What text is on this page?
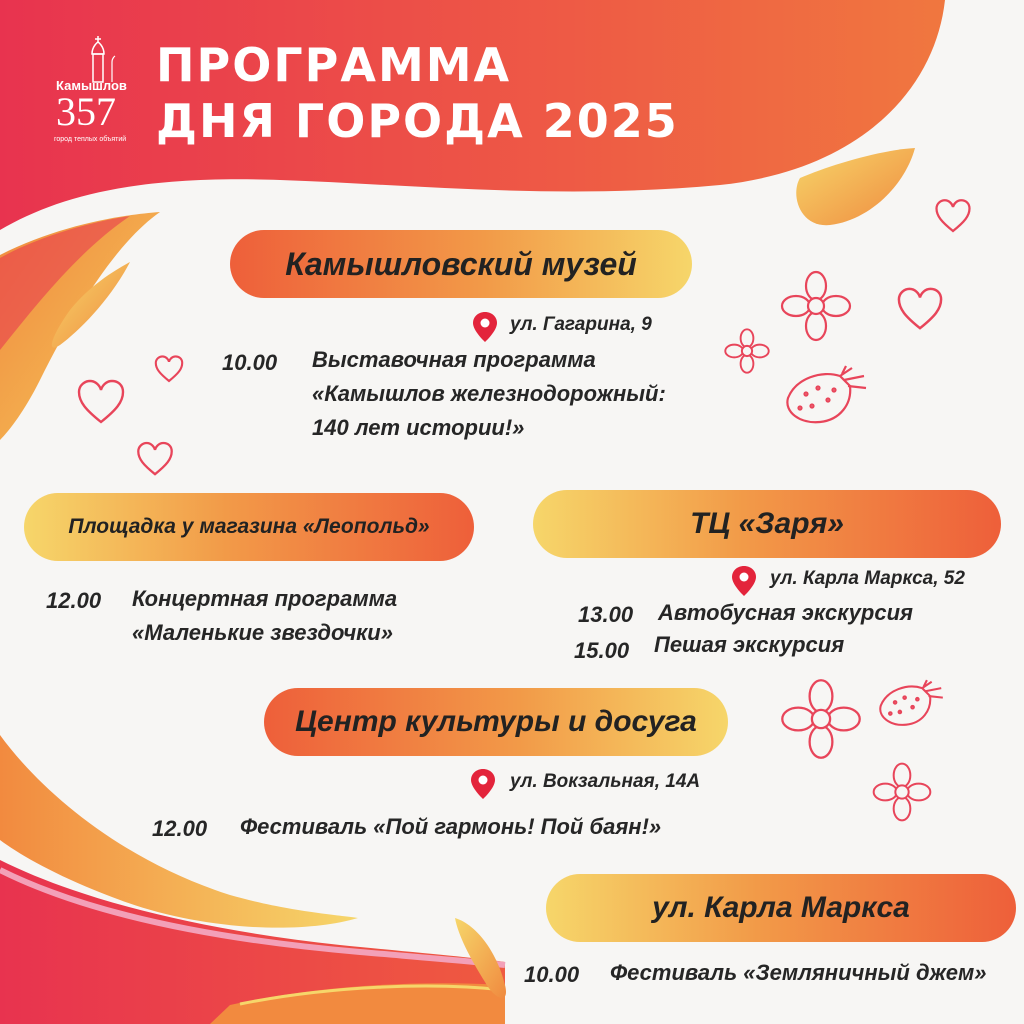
Камышлов
357
город теплых объятий
ПРОГРАММА
ДНЯ ГОРОДА 2025
Камышловский музей
ул. Гагарина, 9
10.00 Выставочная программа
«Камышлов железнодорожный:
140 лет истории!»
Площадка у магазина «Леопольд»
12.00 Концертная программа
«Маленькие звездочки»
ТЦ «Заря»
ул. Карла Маркса, 52
13.00 Автобусная экскурсия
15.00 Пешая экскурсия
Центр культуры и досуга
ул. Вокзальная, 14А
12.00 Фестиваль «Пой гармонь! Пой баян!»
ул. Карла Маркса
10.00 Фестиваль «Земляничный джем»
